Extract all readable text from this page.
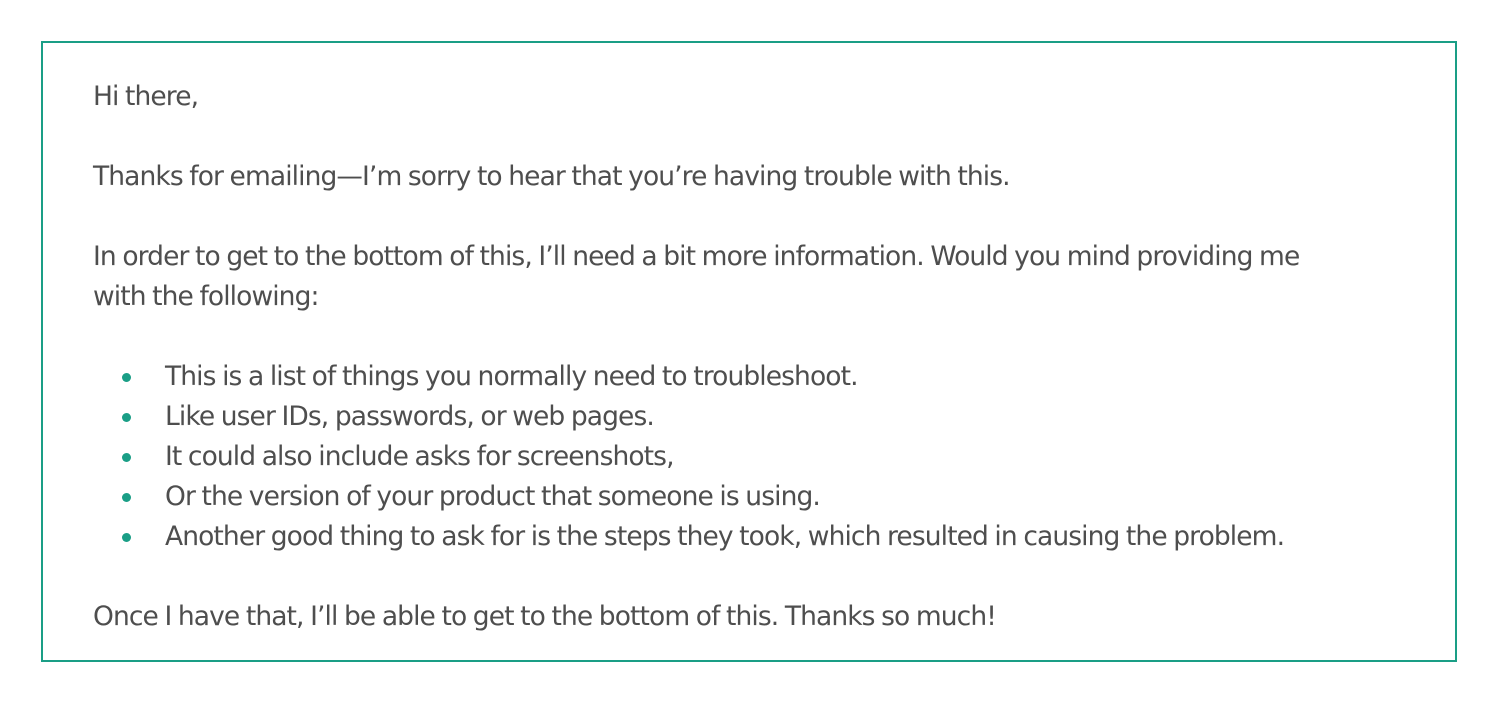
Hi there,

Thanks for emailing—I’m sorry to hear that you’re having trouble with this.

In order to get to the bottom of this, I’ll need a bit more information. Would you mind providing me
with the following:

This is a list of things you normally need to troubleshoot.
Like user IDs, passwords, or web pages.
It could also include asks for screenshots,
Or the version of your product that someone is using.
Another good thing to ask for is the steps they took, which resulted in causing the problem.

Once I have that, I’ll be able to get to the bottom of this. Thanks so much!
